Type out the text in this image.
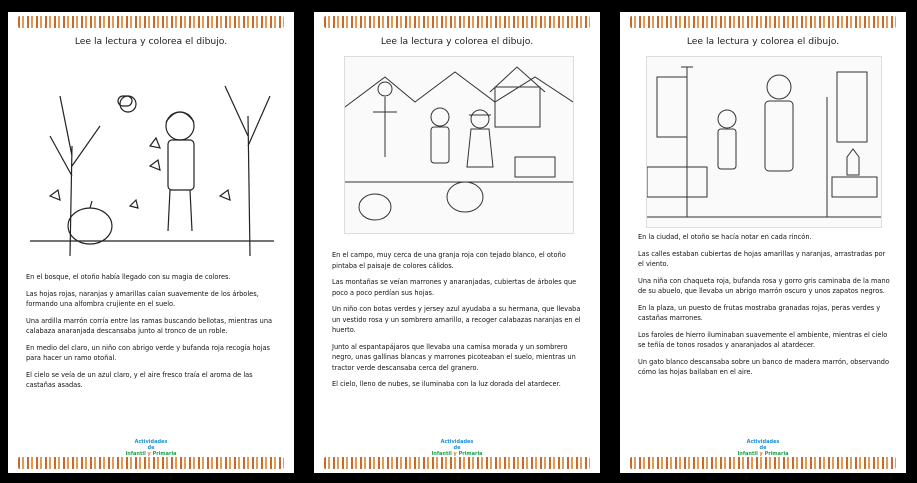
Lee la lectura y colorea el dibujo.

En el bosque, el otoño había llegado con su magia de colores.

Las hojas rojas, naranjas y amarillas caían suavemente de los árboles, formando una alfombra crujiente en el suelo.

Una ardilla marrón corría entre las ramas buscando bellotas, mientras una calabaza anaranjada descansaba junto al tronco de un roble.

En medio del claro, un niño con abrigo verde y bufanda roja recogía hojas para hacer un ramo otoñal.

El cielo se veía de un azul claro, y el aire fresco traía el aroma de las castañas asadas.

Actividades
de
Infantil y Primaria
Lee la lectura y colorea el dibujo.

En el campo, muy cerca de una granja roja con tejado blanco, el otoño pintaba el paisaje de colores cálidos.

Las montañas se veían marrones y anaranjadas, cubiertas de árboles que poco a poco perdían sus hojas.

Un niño con botas verdes y jersey azul ayudaba a su hermana, que llevaba un vestido rosa y un sombrero amarillo, a recoger calabazas naranjas en el huerto.

Junto al espantapájaros que llevaba una camisa morada y un sombrero negro, unas gallinas blancas y marrones picoteaban el suelo, mientras un tractor verde descansaba cerca del granero.

El cielo, lleno de nubes, se iluminaba con la luz dorada del atardecer.

Actividades
de
Infantil y Primaria
Lee la lectura y colorea el dibujo.

En la ciudad, el otoño se hacía notar en cada rincón.

Las calles estaban cubiertas de hojas amarillas y naranjas, arrastradas por el viento.

Una niña con chaqueta roja, bufanda rosa y gorro gris caminaba de la mano de su abuelo, que llevaba un abrigo marrón oscuro y unos zapatos negros.

En la plaza, un puesto de frutas mostraba granadas rojas, peras verdes y castañas marrones.

Los faroles de hierro iluminaban suavemente el ambiente, mientras el cielo se teñía de tonos rosados y anaranjados al atardecer.

Un gato blanco descansaba sobre un banco de madera marrón, observando cómo las hojas bailaban en el aire.

Actividades
de
Infantil y Primaria
